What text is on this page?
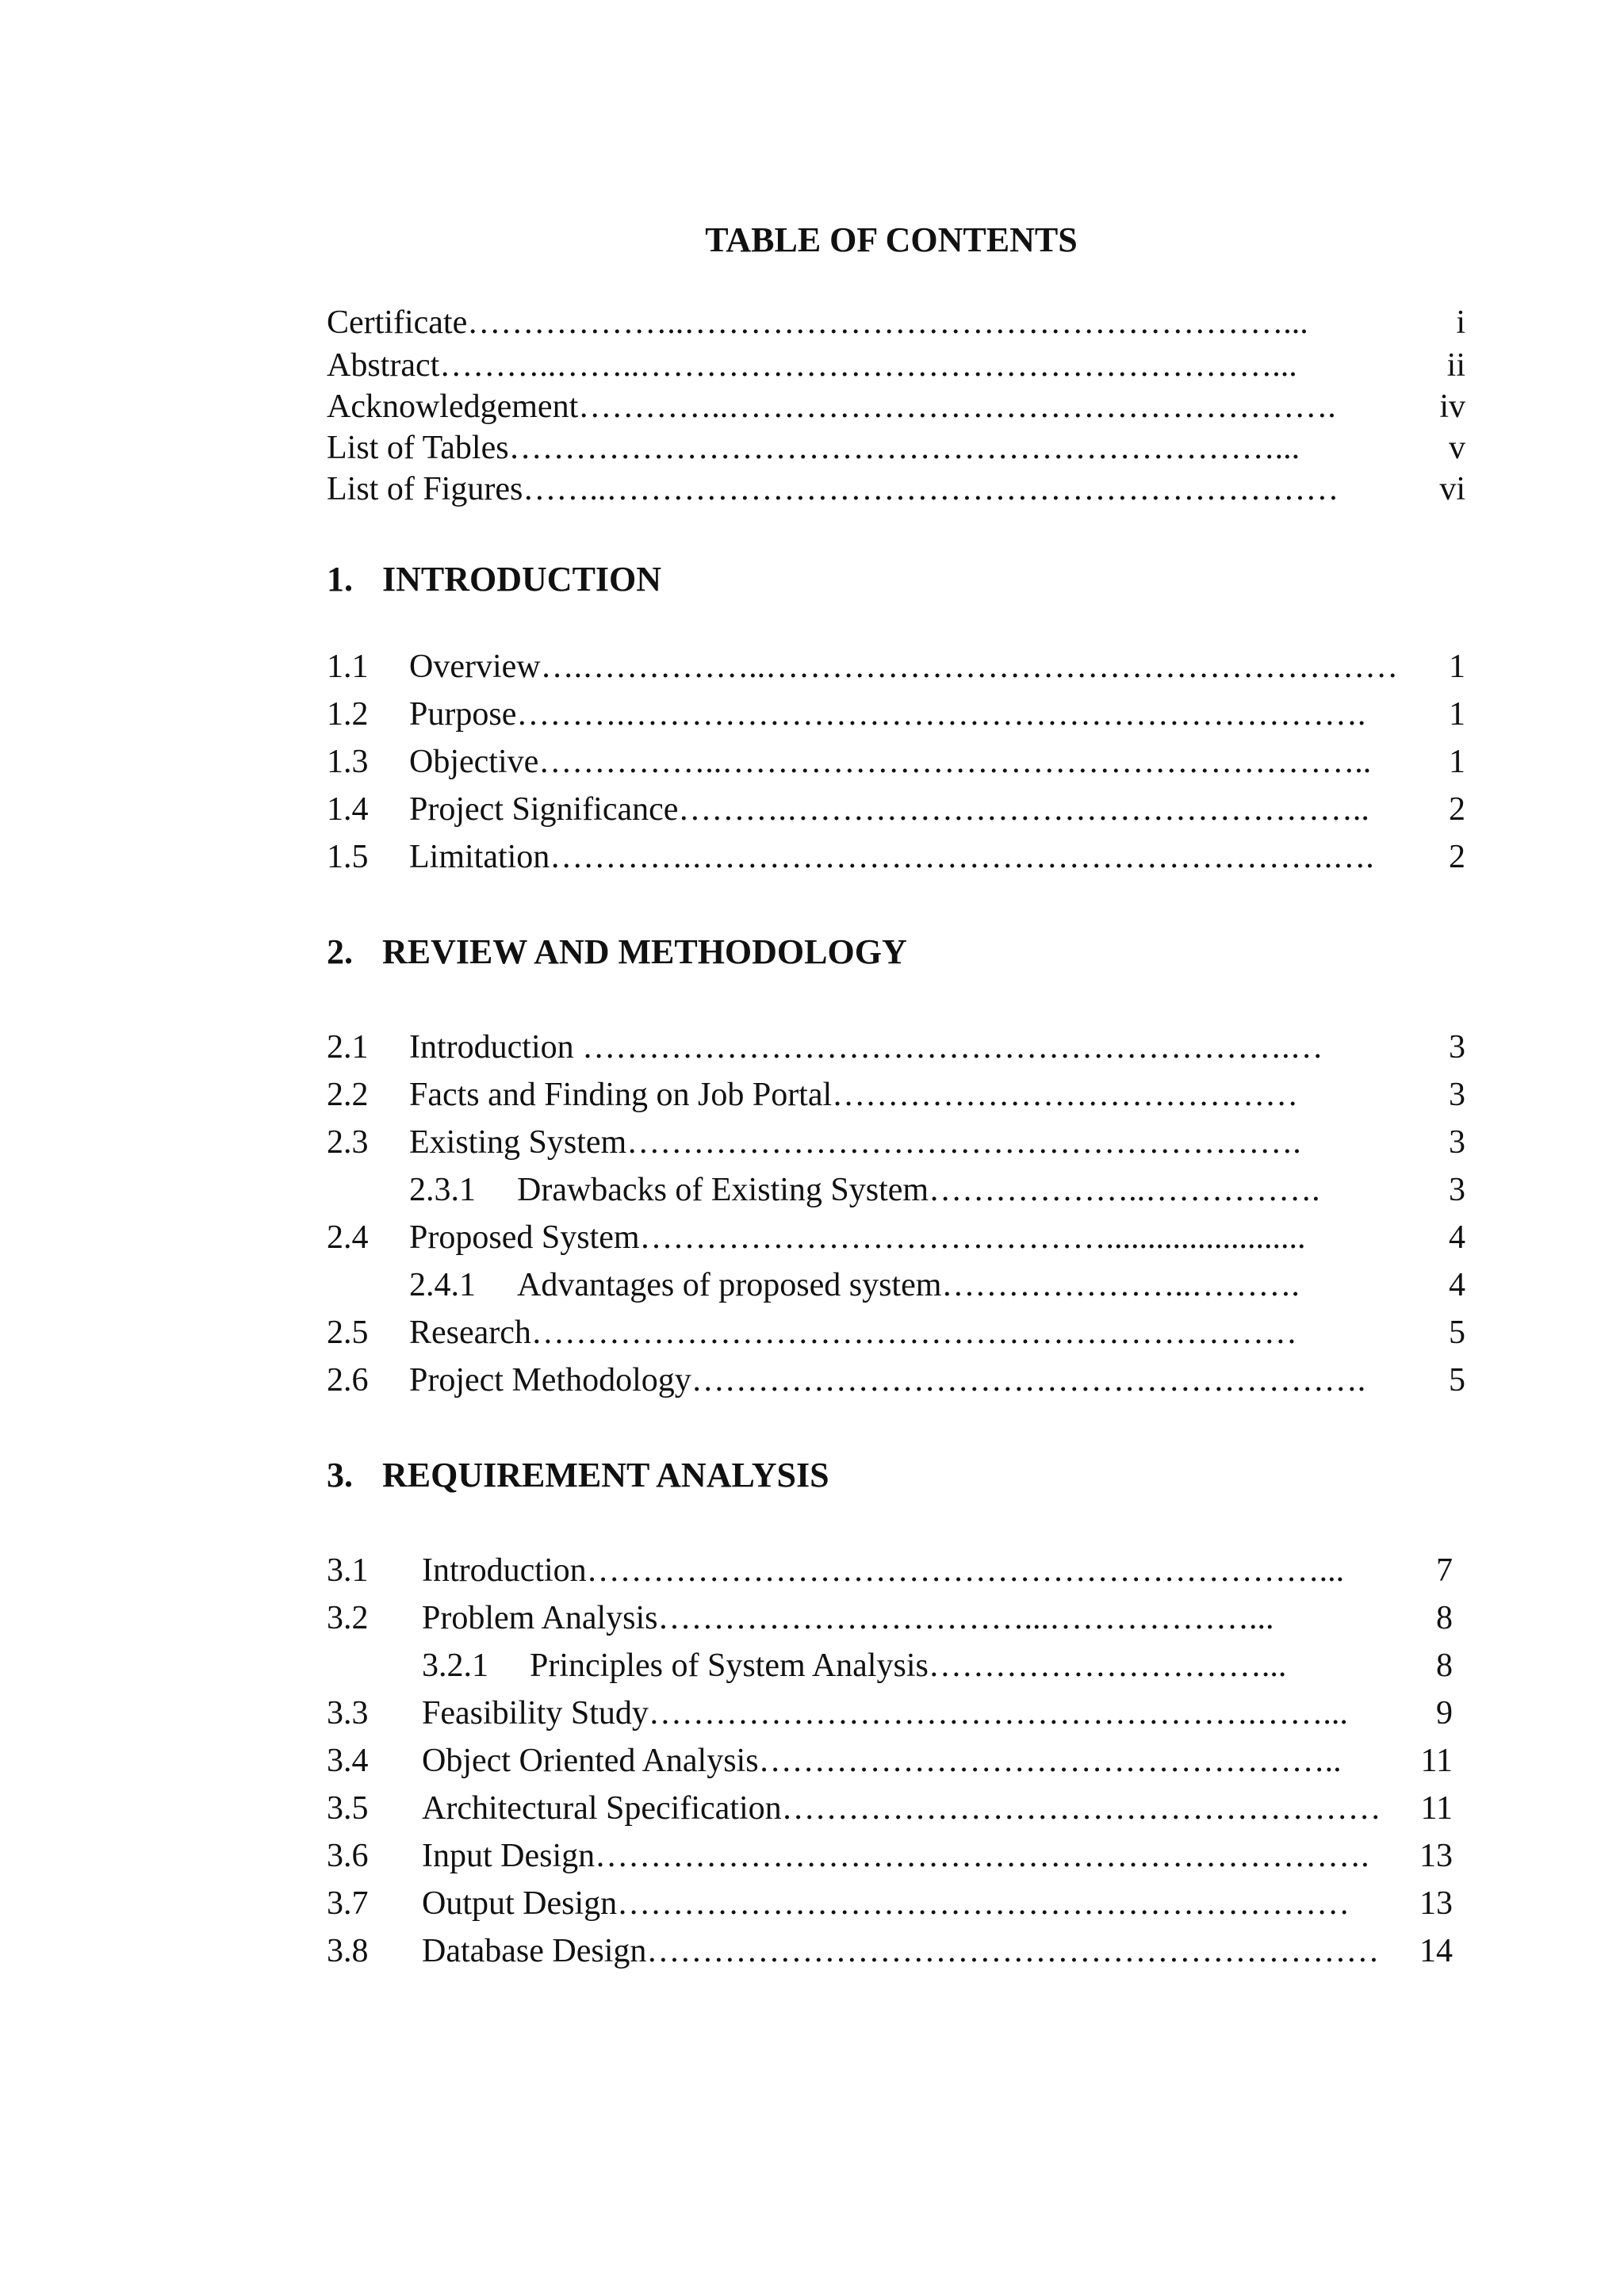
TABLE OF CONTENTS
Certificate………………..………………………………………………...	i
Abstract………..……..…………………………………………………...	ii
Acknowledgement…………..……………………………………………….	iv
List of Tables……………………………………………………………...	v
List of Figures……..…………………………………………………………	vi
1. INTRODUCTION
1.1 Overview….……………..………………………………………………… 1
1.2 Purpose……….…………………………………………………………. 1
1.3 Objective……………..………………………………………………….. 1
1.4 Project Significance……….…………………………………………….. 2
1.5 Limitation………….………………………………………………….…. 2
2. REVIEW AND METHODOLOGY
2.1 Introduction ……………………………………………………….…	3
2.2 Facts and Finding on Job Portal……………………………………	3
2.3 Existing System…………………………………………………….	3
2.3.1 Drawbacks of Existing System………………..…………….	3
2.4 Proposed System……………………………………........................	4
2.4.1 Advantages of proposed system…………………..……….	4
2.5 Research……………………………………………………………	5
2.6 Project Methodology……………………………………………………. 5
3. REQUIREMENT ANALYSIS
3.1 Introduction…………………………………………………………...	7
3.2 Problem Analysis……………………………...………………...	8
3.2.1 Principles of System Analysis…………………………...	8
3.3 Feasibility Study……………………………………………….……...	9
3.4 Object Oriented Analysis…………………………………………….. 11
3.5 Architectural Specification……………………………………………… 11
3.6 Input Design……………………………………………………………. 13
3.7 Output Design………………………………………………………… 13
3.8 Database Design………………………………………………………… 14
